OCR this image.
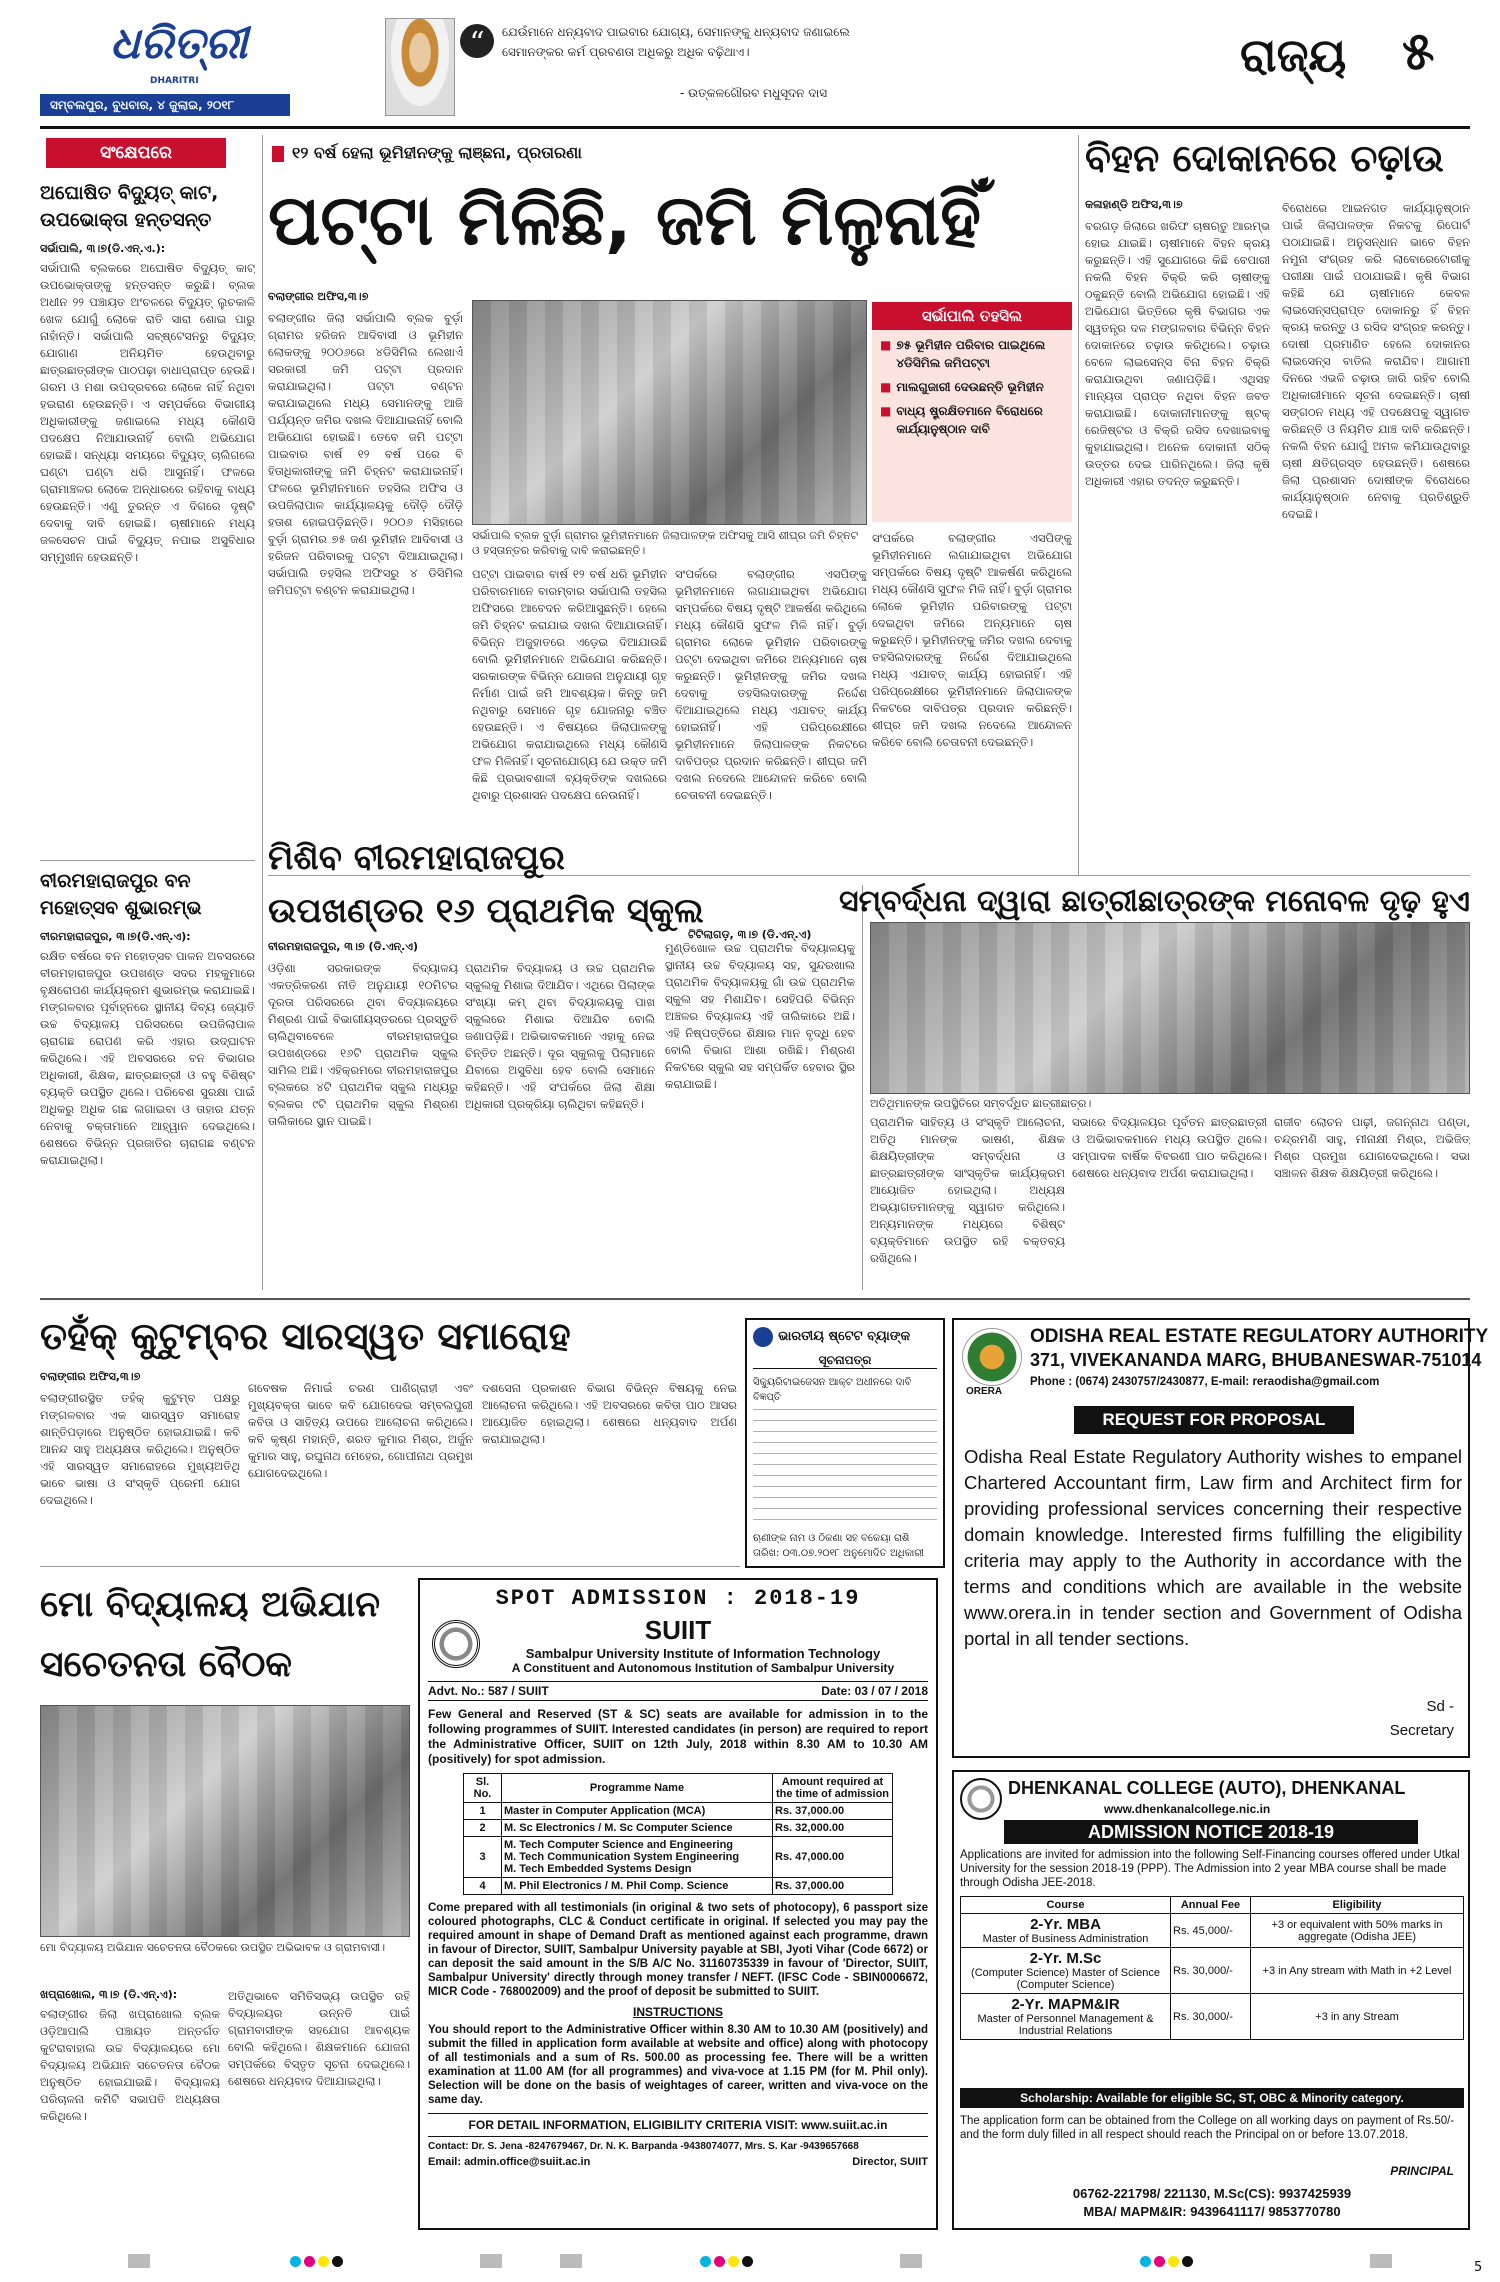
ଧରିତ୍ରୀ
DHARITRI
ସମ୍ବଲପୁର, ବୁଧବାର, ୪ ଜୁଲାଇ, ୨୦୧୮
“	ଯେଉଁମାନେ ଧନ୍ୟବାଦ ପାଇବାର ଯୋଗ୍ୟ, ସେମାନଙ୍କୁ ଧନ୍ୟବାଦ ଜଣାଇଲେ ସେମାନଙ୍କର କର୍ମ ପ୍ରବଣତା ଅଧିକରୁ ଅଧିକ ବଢ଼ିଥାଏ।
- ଉତ୍କଳଗୌରବ ମଧୁସୂଦନ ଦାସ
ରାଜ୍ୟ ୫
ସଂକ୍ଷେପରେ
ଅଘୋଷିତ ବିଦ୍ୟୁତ୍‌ କାଟ, ଉପଭୋକ୍ତା ହନ୍ତସନ୍ତ
ସର୍ଭାପାଲି, ୩।୭(ଡି.ଏନ୍‌.ଏ.):
ସର୍ଭାପାଲି ବ୍ଲକରେ ଅଘୋଷିତ ବିଦ୍ୟୁତ୍‌ କାଟ୍‌ ଉପଭୋକ୍ତାଙ୍କୁ ହନ୍ତସନ୍ତ କରୁଛି। ବ୍ଲକ ଅଧୀନ ୨୨ ପଞ୍ଚାୟତ ଅଂଚଳରେ ବିଦ୍ୟୁତ୍‌ ଲୁଚକାଳି ଖେଳ ଯୋଗୁଁ ଲୋକେ ରାତି ସାରା ଶୋଇ ପାରୁ ନାହାଁନ୍ତି। ସର୍ଭାପାଲି ସବ୍‌ଷ୍ଟେସନରୁ ବିଦ୍ୟୁତ୍‌ ଯୋଗାଣ ଅନିୟମିତ ହେଉଥିବାରୁ ଛାତ୍ରଛାତ୍ରୀଙ୍କ ପାଠପଢ଼ା ବାଧାପ୍ରାପ୍ତ ହେଉଛି। ଗରମ ଓ ମଶା ଉପଦ୍ରବରେ ଲୋକେ ନାହିଁ ନଥିବା ହଇରାଣ ହେଉଛନ୍ତି। ଏ ସମ୍ପର୍କରେ ବିଭାଗୀୟ ଅଧିକାରୀଙ୍କୁ ଜଣାଇଲେ ମଧ୍ୟ କୌଣସି ପଦକ୍ଷେପ ନିଆଯାଉନାହିଁ ବୋଲି ଅଭିଯୋଗ ହୋଇଛି। ସନ୍ଧ୍ୟା ସମୟରେ ବିଦ୍ୟୁତ୍‌ ଚାଲିଗଲେ ଘଣ୍ଟା ଘଣ୍ଟା ଧରି ଆସୁନାହିଁ। ଫଳରେ ଗ୍ରାମାଞ୍ଚଳର ଲୋକେ ଅନ୍ଧାରରେ ରହିବାକୁ ବାଧ୍ୟ ହେଉଛନ୍ତି। ଏଣୁ ତୁରନ୍ତ ଏ ଦିଗରେ ଦୃଷ୍ଟି ଦେବାକୁ ଦାବି ହୋଇଛି। ଚାଷୀମାନେ ମଧ୍ୟ ଜଳସେଚନ ପାଇଁ ବିଦ୍ୟୁତ୍‌ ନପାଇ ଅସୁବିଧାର ସମ୍ମୁଖୀନ ହେଉଛନ୍ତି।
ବୀରମହାରାଜପୁର ବନ ମହୋତ୍ସବ ଶୁଭାରମ୍ଭ
ବୀରମହାରାଜପୁର, ୩।୭(ଡି.ଏନ୍‌.ଏ):
ରକ୍ଷିତ ବର୍ଷରେ ବନ ମହୋତ୍ସବ ପାଳନ ଅବସରରେ ବୀରମହାରାଜପୁର ଉପଖଣ୍ଡ ସଦର ମହକୁମାରେ ବୃକ୍ଷରୋପଣ କାର୍ଯ୍ୟକ୍ରମ ଶୁଭାରମ୍ଭ କରାଯାଇଛି। ମଙ୍ଗଳବାର ପୂର୍ବାହ୍ନରେ ସ୍ଥାନୀୟ ଦିବ୍ୟ ଜ୍ୟୋତି ଉଚ୍ଚ ବିଦ୍ୟାଳୟ ପରିସରରେ ଉପଜିଲାପାଳ ଚାରାଗଛ ରୋପଣ କରି ଏହାର ଉଦ୍‌ଘାଟନ କରିଥିଲେ। ଏହି ଅବସରରେ ବନ ବିଭାଗର ଅଧିକାରୀ, ଶିକ୍ଷକ, ଛାତ୍ରଛାତ୍ରୀ ଓ ବହୁ ବିଶିଷ୍ଟ ବ୍ୟକ୍ତି ଉପସ୍ଥିତ ଥିଲେ। ପରିବେଶ ସୁରକ୍ଷା ପାଇଁ ଅଧିକରୁ ଅଧିକ ଗଛ ଲଗାଇବା ଓ ତାହାର ଯତ୍ନ ନେବାକୁ ବକ୍ତାମାନେ ଆହ୍ୱାନ ଦେଇଥିଲେ। ଶେଷରେ ବିଭିନ୍ନ ପ୍ରଜାତିର ଚାରାଗଛ ବଣ୍ଟନ କରାଯାଇଥିଲା।
୧୨ ବର୍ଷ ହେଲା ଭୂମିହୀନଙ୍କୁ ଲାଞ୍ଛନା, ପ୍ରତାରଣା
ପଟ୍ଟା ମିଳିଛି, ଜମି ମିଳୁନାହିଁ
ବଲାଙ୍ଗୀର ଅଫିସ,୩।୭
ବଲାଙ୍ଗୀର ଜିଲା ସର୍ଭାପାଲି ବ୍ଲକ ବୁର୍ଡ଼ା ଗ୍ରାମର ହରିଜନ ଆଦିବାସୀ ଓ ଭୂମିହୀନ ଲୋକଙ୍କୁ ୨୦୦୬ରେ ୪ଡିସିମିଲ ଲେଖାଏଁ ସରକାରୀ ଜମି ପଟ୍ଟା ପ୍ରଦାନ କରାଯାଇଥିଲା। ପଟ୍ଟା ବଣ୍ଟନ କରାଯାଇଥିଲେ ମଧ୍ୟ ସେମାନଙ୍କୁ ଆଜି ପର୍ଯ୍ୟନ୍ତ ଜମିର ଦଖଲ ଦିଆଯାଇନାହିଁ ବୋଲି ଅଭିଯୋଗ ହୋଇଛି। ତେବେ ଜମି ପଟ୍ଟା ପାଇବାର ବାର୍ଷ ୧୨ ବର୍ଷ ପରେ ବି ହିତାଧିକାରୀଙ୍କୁ ଜମି ଚିହ୍ନଟ କରାଯାଇନାହିଁ। ଫଳରେ ଭୂମିହୀନମାନେ ତହସିଲ ଅଫିସ ଓ ଉପଜିଲାପାଳ କାର୍ଯ୍ୟାଳୟକୁ ଦୌଡ଼ି ଦୌଡ଼ି ହତାଶ ହୋଇପଡ଼ିଛନ୍ତି। ୨୦୦୬ ମସିହାରେ ବୁର୍ଡ଼ା ଗ୍ରାମର ୭୫ ଜଣ ଭୂମିହୀନ ଆଦିବାସୀ ଓ ହରିଜନ ପରିବାରକୁ ପଟ୍ଟା ଦିଆଯାଇଥିଲା। ସର୍ଭାପାଲି ତହସିଲ ଅଫିସରୁ ୪ ଡିସିମିଲ ଜମିପଟ୍ଟା ବଣ୍ଟନ କରାଯାଇଥିଲା।
ସର୍ଭାପାଲି ବ୍ଲକ ବୁର୍ଡ଼ା ଗ୍ରାମର ଭୂମିହୀନମାନେ ଜିଲାପାଳଙ୍କ ଅଫିସକୁ ଆସି ଶୀଘ୍ର ଜମି ଚିହ୍ନଟ ଓ ହସ୍ତାନ୍ତର କରିବାକୁ ଦାବି କରାଇଛନ୍ତି।
ପଟ୍ଟା ପାଇବାର ବାର୍ଷ ୧୨ ବର୍ଷ ଧରି ଭୂମିହୀନ ପରିବାରମାନେ ବାରମ୍ବାର ସର୍ଭାପାଲି ତହସିଲ ଅଫିସରେ ଆବେଦନ କରିଆସୁଛନ୍ତି। ହେଲେ ଜମି ଚିହ୍ନଟ କରାଯାଇ ଦଖଲ ଦିଆଯାଉନାହିଁ। ବିଭିନ୍ନ ଅଜୁହାତରେ ଏଡ଼େଇ ଦିଆଯାଉଛି ବୋଲି ଭୂମିହୀନମାନେ ଅଭିଯୋଗ କରିଛନ୍ତି। ସରକାରଙ୍କ ବିଭିନ୍ନ ଯୋଜନା ଅନୁଯାୟୀ ଗୃହ ନିର୍ମାଣ ପାଇଁ ଜମି ଆବଶ୍ୟକ। କିନ୍ତୁ ଜମି ନଥିବାରୁ ସେମାନେ ଗୃହ ଯୋଜନାରୁ ବଞ୍ଚିତ ହେଉଛନ୍ତି। ଏ ବିଷୟରେ ଜିଲାପାଳଙ୍କୁ ଅଭିଯୋଗ କରାଯାଇଥିଲେ ମଧ୍ୟ କୌଣସି ଫଳ ମିଳିନାହିଁ। ସୂଚନାଯୋଗ୍ୟ ଯେ ଉକ୍ତ ଜମି କିଛି ପ୍ରଭାବଶାଳୀ ବ୍ୟକ୍ତିଙ୍କ ଦଖଲରେ ଥିବାରୁ ପ୍ରଶାସନ ପଦକ୍ଷେପ ନେଉନାହିଁ।
ସଂପର୍କରେ ବଲାଙ୍ଗୀର ଏସପିଙ୍କୁ ଭୂମିହୀନମାନେ ଲଗାଯାଇଥିବା ଅଭିଯୋଗ ସମ୍ପର୍କରେ ବିଷୟ ଦୃଷ୍ଟି ଆକର୍ଷଣ କରିଥିଲେ ମଧ୍ୟ କୌଣସି ସୁଫଳ ମିଳି ନାହିଁ। ବୁର୍ଡ଼ା ଗ୍ରାମର ଲୋକେ ଭୂମିହୀନ ପରିବାରଙ୍କୁ ପଟ୍ଟା ଦେଇଥିବା ଜମିରେ ଅନ୍ୟମାନେ ଚାଷ କରୁଛନ୍ତି। ଭୂମିହୀନଙ୍କୁ ଜମିର ଦଖଲ ଦେବାକୁ ତହସିଲଦାରଙ୍କୁ ନିର୍ଦ୍ଦେଶ ଦିଆଯାଇଥିଲେ ମଧ୍ୟ ଏଯାବତ୍‌ କାର୍ଯ୍ୟ ହୋଇନାହିଁ। ଏହି ପରିପ୍ରେକ୍ଷୀରେ ଭୂମିହୀନମାନେ ଜିଲାପାଳଙ୍କ ନିକଟରେ ଦାବିପତ୍ର ପ୍ରଦାନ କରିଛନ୍ତି। ଶୀଘ୍ର ଜମି ଦଖଲ ନଦେଲେ ଆନ୍ଦୋଳନ କରିବେ ବୋଲି ଚେତାବନୀ ଦେଇଛନ୍ତି।
ସର୍ଭାପାଲି ତହସିଲ
■ ୭୫ ଭୂମିହୀନ ପରିବାର ପାଇଥିଲେ ୪ଡିସିମିଲ ଜମିପଟ୍ଟା
■ ମାଲଗୁଜାରୀ ଦେଉଛନ୍ତି ଭୂମିହୀନ
■ ବାଧ୍ୟ ଷ୍ଟ୍ରକ୍ଷିତମାନେ ବିରୋଧରେ କାର୍ଯ୍ୟାନୁଷ୍ଠାନ ଦାବି
ସଂପର୍କରେ ବଲାଙ୍ଗୀର ଏସପିଙ୍କୁ ଭୂମିହୀନମାନେ ଲଗାଯାଇଥିବା ଅଭିଯୋଗ ସମ୍ପର୍କରେ ବିଷୟ ଦୃଷ୍ଟି ଆକର୍ଷଣ କରିଥିଲେ ମଧ୍ୟ କୌଣସି ସୁଫଳ ମିଳି ନାହିଁ। ବୁର୍ଡ଼ା ଗ୍ରାମର ଲୋକେ ଭୂମିହୀନ ପରିବାରଙ୍କୁ ପଟ୍ଟା ଦେଇଥିବା ଜମିରେ ଅନ୍ୟମାନେ ଚାଷ କରୁଛନ୍ତି। ଭୂମିହୀନଙ୍କୁ ଜମିର ଦଖଲ ଦେବାକୁ ତହସିଲଦାରଙ୍କୁ ନିର୍ଦ୍ଦେଶ ଦିଆଯାଇଥିଲେ ମଧ୍ୟ ଏଯାବତ୍‌ କାର୍ଯ୍ୟ ହୋଇନାହିଁ। ଏହି ପରିପ୍ରେକ୍ଷୀରେ ଭୂମିହୀନମାନେ ଜିଲାପାଳଙ୍କ ନିକଟରେ ଦାବିପତ୍ର ପ୍ରଦାନ କରିଛନ୍ତି। ଶୀଘ୍ର ଜମି ଦଖଲ ନଦେଲେ ଆନ୍ଦୋଳନ କରିବେ ବୋଲି ଚେତାବନୀ ଦେଇଛନ୍ତି।
ବିହନ ଦୋକାନରେ ଚଢ଼ାଉ
କଳାହାଣ୍ଡି ଅଫିସ,୩।୭
ବରଗଡ଼ ଜିଲାରେ ଖରିଫ ଚାଷଋତୁ ଆରମ୍ଭ ହୋଇ ଯାଇଛି। ଚାଷୀମାନେ ବିହନ କ୍ରୟ କରୁଛନ୍ତି। ଏହି ସୁଯୋଗରେ କିଛି ବେପାରୀ ନକଲି ବିହନ ବିକ୍ରି କରି ଚାଷୀଙ୍କୁ ଠକୁଛନ୍ତି ବୋଲି ଅଭିଯୋଗ ହୋଇଛି। ଏହି ଅଭିଯୋଗ ଭିତ୍ତିରେ କୃଷି ବିଭାଗର ଏକ ସ୍ୱତନ୍ତ୍ର ଦଳ ମଙ୍ଗଳବାର ବିଭିନ୍ନ ବିହନ ଦୋକାନରେ ଚଢ଼ାଉ କରିଥିଲେ। ଚଢ଼ାଉ ବେଳେ ଲାଇସେନ୍‌ସ ବିନା ବିହନ ବିକ୍ରି କରାଯାଉଥିବା ଜଣାପଡ଼ିଛି। ଏଥିସହ ମାନ୍ୟତା ପ୍ରାପ୍ତ ନଥିବା ବିହନ ଜବତ କରାଯାଇଛି। ଦୋକାନୀମାନଙ୍କୁ ଷ୍ଟକ୍‌ ରେଜିଷ୍ଟର ଓ ବିକ୍ରି ରସିଦ ଦେଖାଇବାକୁ କୁହାଯାଇଥିଲା। ଅନେକ ଦୋକାନୀ ସଠିକ୍‌ ଉତ୍ତର ଦେଇ ପାରିନଥିଲେ। ଜିଲା କୃଷି ଅଧିକାରୀ ଏହାର ତଦନ୍ତ କରୁଛନ୍ତି।
ବିରୋଧରେ ଆଇନଗତ କାର୍ଯ୍ୟାନୁଷ୍ଠାନ ପାଇଁ ଜିଲାପାଳଙ୍କ ନିକଟକୁ ରିପୋର୍ଟ ପଠାଯାଇଛି। ଅନୁସନ୍ଧାନ ଭାବେ ବିହନ ନମୁନା ସଂଗ୍ରହ କରି ଲାବୋରେଟୋରୀକୁ ପରୀକ୍ଷା ପାଇଁ ପଠାଯାଇଛି। କୃଷି ବିଭାଗ କହିଛି ଯେ ଚାଷୀମାନେ କେବଳ ଲାଇସେନ୍‌ସପ୍ରାପ୍ତ ଦୋକାନରୁ ହିଁ ବିହନ କ୍ରୟ କରନ୍ତୁ ଓ ରସିଦ ସଂଗ୍ରହ କରନ୍ତୁ। ଦୋଷୀ ପ୍ରମାଣିତ ହେଲେ ଦୋକାନର ଲାଇସେନ୍‌ସ ବାତିଲ କରାଯିବ। ଆଗାମୀ ଦିନରେ ଏଭଳି ଚଢ଼ାଉ ଜାରି ରହିବ ବୋଲି ଅଧିକାରୀମାନେ ସୂଚନା ଦେଇଛନ୍ତି। ଚାଷୀ ସଙ୍ଗଠନ ମଧ୍ୟ ଏହି ପଦକ୍ଷେପକୁ ସ୍ୱାଗତ କରିଛନ୍ତି ଓ ନିୟମିତ ଯାଞ୍ଚ ଦାବି କରିଛନ୍ତି। ନକଲି ବିହନ ଯୋଗୁଁ ଅମଳ କମିଯାଉଥିବାରୁ ଚାଷୀ କ୍ଷତିଗ୍ରସ୍ତ ହେଉଛନ୍ତି। ଶେଷରେ ଜିଲା ପ୍ରଶାସନ ଦୋଷୀଙ୍କ ବିରୋଧରେ କାର୍ଯ୍ୟାନୁଷ୍ଠାନ ନେବାକୁ ପ୍ରତିଶ୍ରୁତି ଦେଇଛି।
ମିଶିବ ବୀରମହାରାଜପୁର
ଉପଖଣ୍ଡର ୧୬ ପ୍ରାଥମିକ ସ୍କୁଲ
ବୀରମହାରାଜପୁର, ୩।୭ (ଡି.ଏନ୍‌.ଏ)
ଓଡ଼ିଶା ସରକାରଙ୍କ ବିଦ୍ୟାଳୟ ଏକତ୍ରିକରଣ ନୀତି ଅନୁଯାୟୀ ୧୦ମିଟର ଦୂରତା ପରିସରରେ ଥିବା ବିଦ୍ୟାଳୟରେ ମିଶ୍ରଣ ପାଇଁ ବିଭାଗୀୟସ୍ତରରେ ପ୍ରସ୍ତୁତି ଚାଲିଥିବାବେଳେ ବୀରମହାରାଜପୁର ଉପଖଣ୍ଡରେ ୧୬ଟି ପ୍ରାଥମିକ ସ୍କୁଲ ସାମିଲ ଅଛି। ଏହିକ୍ରମରେ ବୀରମହାରାଜପୁର ବ୍ଲକରେ ୪ଟି ପ୍ରାଥମିକ ସ୍କୁଲ ମଧ୍ୟରୁ ବ୍ଲକର ୯ଟି ପ୍ରାଥମିକ ସ୍କୁଲ ମିଶ୍ରଣ ତାଲିକାରେ ସ୍ଥାନ ପାଇଛି।
ପ୍ରାଥମିକ ବିଦ୍ୟାଳୟ ଓ ଉଚ୍ଚ ପ୍ରାଥମିକ ସ୍କୁଲକୁ ମିଶାଇ ଦିଆଯିବ। ଏଥିରେ ପିଲାଙ୍କ ସଂଖ୍ୟା କମ୍‌ ଥିବା ବିଦ୍ୟାଳୟକୁ ପାଖ ସ୍କୁଲରେ ମିଶାଇ ଦିଆଯିବ ବୋଲି ଜଣାପଡ଼ିଛି। ଅଭିଭାବକମାନେ ଏହାକୁ ନେଇ ଚିନ୍ତିତ ଅଛନ୍ତି। ଦୂର ସ୍କୁଲକୁ ପିଲାମାନେ ଯିବାରେ ଅସୁବିଧା ହେବ ବୋଲି ସେମାନେ କହିଛନ୍ତି। ଏହି ସଂପର୍କରେ ଜିଲା ଶିକ୍ଷା ଅଧିକାରୀ ପ୍ରକ୍ରିୟା ଚାଲିଥିବା କହିଛନ୍ତି।
ମୁଣ୍ଡିଖୋଳ ଉଚ୍ଚ ପ୍ରାଥମିକ ବିଦ୍ୟାଳୟକୁ ସ୍ଥାନୀୟ ଉଚ୍ଚ ବିଦ୍ୟାଳୟ ସହ, ସୁନ୍ଦରଖାଲ ପ୍ରାଥମିକ ବିଦ୍ୟାଳୟକୁ ଗାଁ ଉଚ୍ଚ ପ୍ରାଥମିକ ସ୍କୁଲ ସହ ମିଶାଯିବ। ସେହିପରି ବିଭିନ୍ନ ଅଞ୍ଚଳର ବିଦ୍ୟାଳୟ ଏହି ତାଲିକାରେ ଅଛି। ଏହି ନିଷ୍ପତ୍ତିରେ ଶିକ୍ଷାର ମାନ ବୃଦ୍ଧି ହେବ ବୋଲି ବିଭାଗ ଆଶା ରଖିଛି। ମିଶ୍ରଣ ନିକଟରେ ସ୍କୁଲ ସହ ସମ୍ପର୍କିତ ହେବାର ସ୍ଥିର କରାଯାଇଛି।
ସମ୍ବର୍ଦ୍ଧନା ଦ୍ୱାରା ଛାତ୍ରୀଛାତ୍ରଙ୍କ ମନୋବଳ ଦୃଢ଼ ହୁଏ
ଟିଟିଲାଗଡ଼, ୩।୭ (ଡି.ଏନ୍‌.ଏ)
ଅତିଥିମାନଙ୍କ ଉପସ୍ଥିତିରେ ସମ୍ବର୍ଦ୍ଧିତ ଛାତ୍ରୀଛାତ୍ର।
ପ୍ରାଥମିକ ସାହିତ୍ୟ ଓ ସଂସ୍କୃତି ଆଲୋଚନା, ଅତିଥି ମାନଙ୍କ ଭାଷଣ, ଶିକ୍ଷକ ଶିକ୍ଷୟିତ୍ରୀଙ୍କ ସମ୍ବର୍ଦ୍ଧନା ଓ ଛାତ୍ରଛାତ୍ରୀଙ୍କ ସାଂସ୍କୃତିକ କାର୍ଯ୍ୟକ୍ରମ ଆୟୋଜିତ ହୋଇଥିଲା। ଅଧ୍ୟକ୍ଷ ଅଭ୍ୟାଗତମାନଙ୍କୁ ସ୍ୱାଗତ କରିଥିଲେ। ଅନ୍ୟମାନଙ୍କ ମଧ୍ୟରେ ବିଶିଷ୍ଟ ବ୍ୟକ୍ତିମାନେ ଉପସ୍ଥିତ ରହି ବକ୍ତବ୍ୟ ରଖିଥିଲେ।
ସଭାରେ ବିଦ୍ୟାଳୟର ପୂର୍ବତନ ଛାତ୍ରଛାତ୍ରୀ ଓ ଅଭିଭାବକମାନେ ମଧ୍ୟ ଉପସ୍ଥିତ ଥିଲେ। ସମ୍ପାଦକ ବାର୍ଷିକ ବିବରଣୀ ପାଠ କରିଥିଲେ। ଶେଷରେ ଧନ୍ୟବାଦ ଅର୍ପଣ କରାଯାଇଥିଲା।
ରାଜୀବ ଲୋଚନ ପାଢ଼ୀ, ଜଗନ୍ନାଥ ପଣ୍ଡା, ଚନ୍ଦ୍ରମଣି ସାହୁ, ମୀନାକ୍ଷୀ ମିଶ୍ର, ଅଭିଜିତ୍‌ ମିଶ୍ର ପ୍ରମୁଖ ଯୋଗଦେଇଥିଲେ। ସଭା ସଞ୍ଚାଳନ ଶିକ୍ଷକ ଶିକ୍ଷୟିତ୍ରୀ କରିଥିଲେ।
ତହଁକ୍‌ କୁଟୁମ୍ବର ସାରସ୍ୱତ ସମାରୋହ
ବଲାଙ୍ଗୀର ଅଫିସ,୩।୭
ବଲାଙ୍ଗୀରସ୍ଥିତ ତହଁକ୍‌ କୁଟୁମ୍ବ ପକ୍ଷରୁ ମଙ୍ଗଳବାର ଏକ ସାରସ୍ୱତ ସମାରୋହ ଶାନ୍ତିପଡ଼ାରେ ଅନୁଷ୍ଠିତ ହୋଇଯାଇଛି। କବି ଆନନ୍ଦ ସାହୁ ଅଧ୍ୟକ୍ଷତା କରିଥିଲେ। ଅନୁଷ୍ଠିତ ଏହି ସାରସ୍ୱତ ସମାରୋହରେ ମୁଖ୍ୟଅତିଥି ଭାବେ ଭାଷା ଓ ସଂସ୍କୃତି ପ୍ରେମୀ ଯୋଗ ଦେଇଥିଲେ।
ଗବେଷକ ନିମାଇଁ ଚରଣ ପାଣିଗ୍ରାହୀ ଏବଂ ମୁଖ୍ୟବକ୍ତା ଭାବେ କବି ଯୋଗଦେଇ ସମ୍ବଲପୁରୀ କବିତା ଓ ସାହିତ୍ୟ ଉପରେ ଆଲୋଚନା କରିଥିଲେ। କବି କୃଷ୍ଣ ମହାନ୍ତି, ଶରତ କୁମାର ମିଶ୍ର, ଅର୍ଜୁନ କୁମାର ସାହୁ, ରଘୁନାଥ ମେହେର, ଗୋପୀନାଥ ପ୍ରମୁଖ ଯୋଗଦେଇଥିଲେ।
ଦଶସେନା ପ୍ରକାଶନ ବିଭାଗ ବିଭିନ୍ନ ବିଷୟକୁ ନେଇ ଆଲୋଚନା କରିଥିଲେ। ଏହି ଅବସରରେ କବିତା ପାଠ ଆସର ଆୟୋଜିତ ହୋଇଥିଲା। ଶେଷରେ ଧନ୍ୟବାଦ ଅର୍ପଣ କରାଯାଇଥିଲା।
ମୋ ବିଦ୍ୟାଳୟ ଅଭିଯାନ
ସଚେତନତା ବୈଠକ
ମୋ ବିଦ୍ୟାଳୟ ଅଭିଯାନ ସଚେତନତା ବୈଠକରେ ଉପସ୍ଥିତ ଅଭିଭାବକ ଓ ଗ୍ରାମବାସୀ।
ଖପ୍ରାଖୋଲ, ୩।୭ (ଡି.ଏନ୍‌.ଏ):
ବଲାଙ୍ଗୀର ଜିଲା ଖପ୍ରାଖୋଲ ବ୍ଲକ ଓଡ଼ିଆପାଲି ପଞ୍ଚାୟତ ଅନ୍ତର୍ଗତ କୁଟରାବାହାଲ ଉଚ୍ଚ ବିଦ୍ୟାଳୟରେ ମୋ ବିଦ୍ୟାଳୟ ଅଭିଯାନ ସଚେତନତା ବୈଠକ ଅନୁଷ୍ଠିତ ହୋଇଯାଇଛି। ବିଦ୍ୟାଳୟ ପରିଚାଳନା କମିଟି ସଭାପତି ଅଧ୍ୟକ୍ଷତା କରିଥିଲେ।
ଅତିଥିଭାବେ ସମିତିସଭ୍ୟ ଉପସ୍ଥିତ ରହି ବିଦ୍ୟାଳୟର ଉନ୍ନତି ପାଇଁ ଗ୍ରାମବାସୀଙ୍କ ସହଯୋଗ ଆବଶ୍ୟକ ବୋଲି କହିଥିଲେ। ଶିକ୍ଷକମାନେ ଯୋଜନା ସମ୍ପର୍କରେ ବିସ୍ତୃତ ସୂଚନା ଦେଇଥିଲେ। ଶେଷରେ ଧନ୍ୟବାଦ ଦିଆଯାଇଥିଲା।
ଭାରତୀୟ ଷ୍ଟେଟ ବ୍ୟାଙ୍କ
ସୂଚନାପତ୍ର
ସିକ୍ୟୁରିଟାଇଜେସନ ଆକ୍ଟ ଅଧୀନରେ ଦାବି ବିଜ୍ଞପ୍ତି
ଋଣୀଙ୍କ ନାମ ଓ ଠିକଣା ସହ ବକେୟା ରାଶି
ତାରିଖ: ୦୩.୦୭.୨୦୧୮ ଅନୁମୋଦିତ ଅଧିକାରୀ
ORERA
ODISHA REAL ESTATE REGULATORY AUTHORITY
371, VIVEKANANDA MARG, BHUBANESWAR-751014
Phone : (0674) 2430757/2430877, E-mail: reraodisha@gmail.com
REQUEST FOR PROPOSAL
Odisha Real Estate Regulatory Authority wishes to empanel Chartered Accountant firm, Law firm and Architect firm for providing professional services concerning their respective domain knowledge. Interested firms fulfilling the eligibility criteria may apply to the Authority in accordance with the terms and conditions which are available in the website www.orera.in in tender section and Government of Odisha portal in all tender sections.
Sd -
Secretary
SPOT ADMISSION : 2018-19
SUIIT
Sambalpur University Institute of Information Technology
A Constituent and Autonomous Institution of Sambalpur University
Advt. No.: 587 / SUIIT	Date: 03 / 07 / 2018
Few General and Reserved (ST & SC) seats are available for admission in to the following programmes of SUIIT. Interested candidates (in person) are required to report the Administrative Officer, SUIIT on 12th July, 2018 within 8.30 AM to 10.30 AM (positively) for spot admission.
Sl. No.	Programme Name	Amount required at the time of admission
1	Master in Computer Application (MCA)	Rs. 37,000.00
2	M. Sc Electronics / M. Sc Computer Science	Rs. 32,000.00
3	M. Tech Computer Science and Engineering
M. Tech Communication System Engineering
M. Tech Embedded Systems Design	Rs. 47,000.00
4	M. Phil Electronics / M. Phil Comp. Science	Rs. 37,000.00
Come prepared with all testimonials (in original & two sets of photocopy), 6 passport size coloured photographs, CLC & Conduct certificate in original. If selected you may pay the required amount in shape of Demand Draft as mentioned against each programme, drawn in favour of Director, SUIIT, Sambalpur University payable at SBI, Jyoti Vihar (Code 6672) or can deposit the said amount in the S/B A/C No. 31160735339 in favour of 'Director, SUIIT, Sambalpur University' directly through money transfer / NEFT. (IFSC Code - SBIN0006672, MICR Code - 768002009) and the proof of deposit be submitted to SUIIT.
INSTRUCTIONS
You should report to the Administrative Officer within 8.30 AM to 10.30 AM (positively) and submit the filled in application form available at website and office) along with photocopy of all testimonials and a sum of Rs. 500.00 as processing fee. There will be a written examination at 11.00 AM (for all programmes) and viva-voce at 1.15 PM (for M. Phil only). Selection will be done on the basis of weightages of career, written and viva-voce on the same day.
FOR DETAIL INFORMATION, ELIGIBILITY CRITERIA VISIT: www.suiit.ac.in
Contact: Dr. S. Jena -8247679467, Dr. N. K. Barpanda -9438074077, Mrs. S. Kar -9439657668
Email: admin.office@suiit.ac.in	Director, SUIIT
DHENKANAL COLLEGE (AUTO), DHENKANAL
www.dhenkanalcollege.nic.in
ADMISSION NOTICE 2018-19
Applications are invited for admission into the following Self-Financing courses offered under Utkal University for the session 2018-19 (PPP). The Admission into 2 year MBA course shall be made through Odisha JEE-2018.
Course	Annual Fee	Eligibility

2-Yr. MBA
Master of Business Administration	Rs. 45,000/-	+3 or equivalent with 50% marks in aggregate (Odisha JEE)

2-Yr. M.Sc
(Computer Science) Master of Science (Computer Science)	Rs. 30,000/-	+3 in Any stream with Math in +2 Level

2-Yr. MAPM&IR
Master of Personnel Management & Industrial Relations	Rs. 30,000/-	+3 in any Stream
Scholarship: Available for eligible SC, ST, OBC & Minority category.
The application form can be obtained from the College on all working days on payment of Rs.50/- and the form duly filled in all respect should reach the Principal on or before 13.07.2018.
PRINCIPAL
06762-221798/ 221130, M.Sc(CS): 9937425939
MBA/ MAPM&IR: 9439641117/ 9853770780
5
